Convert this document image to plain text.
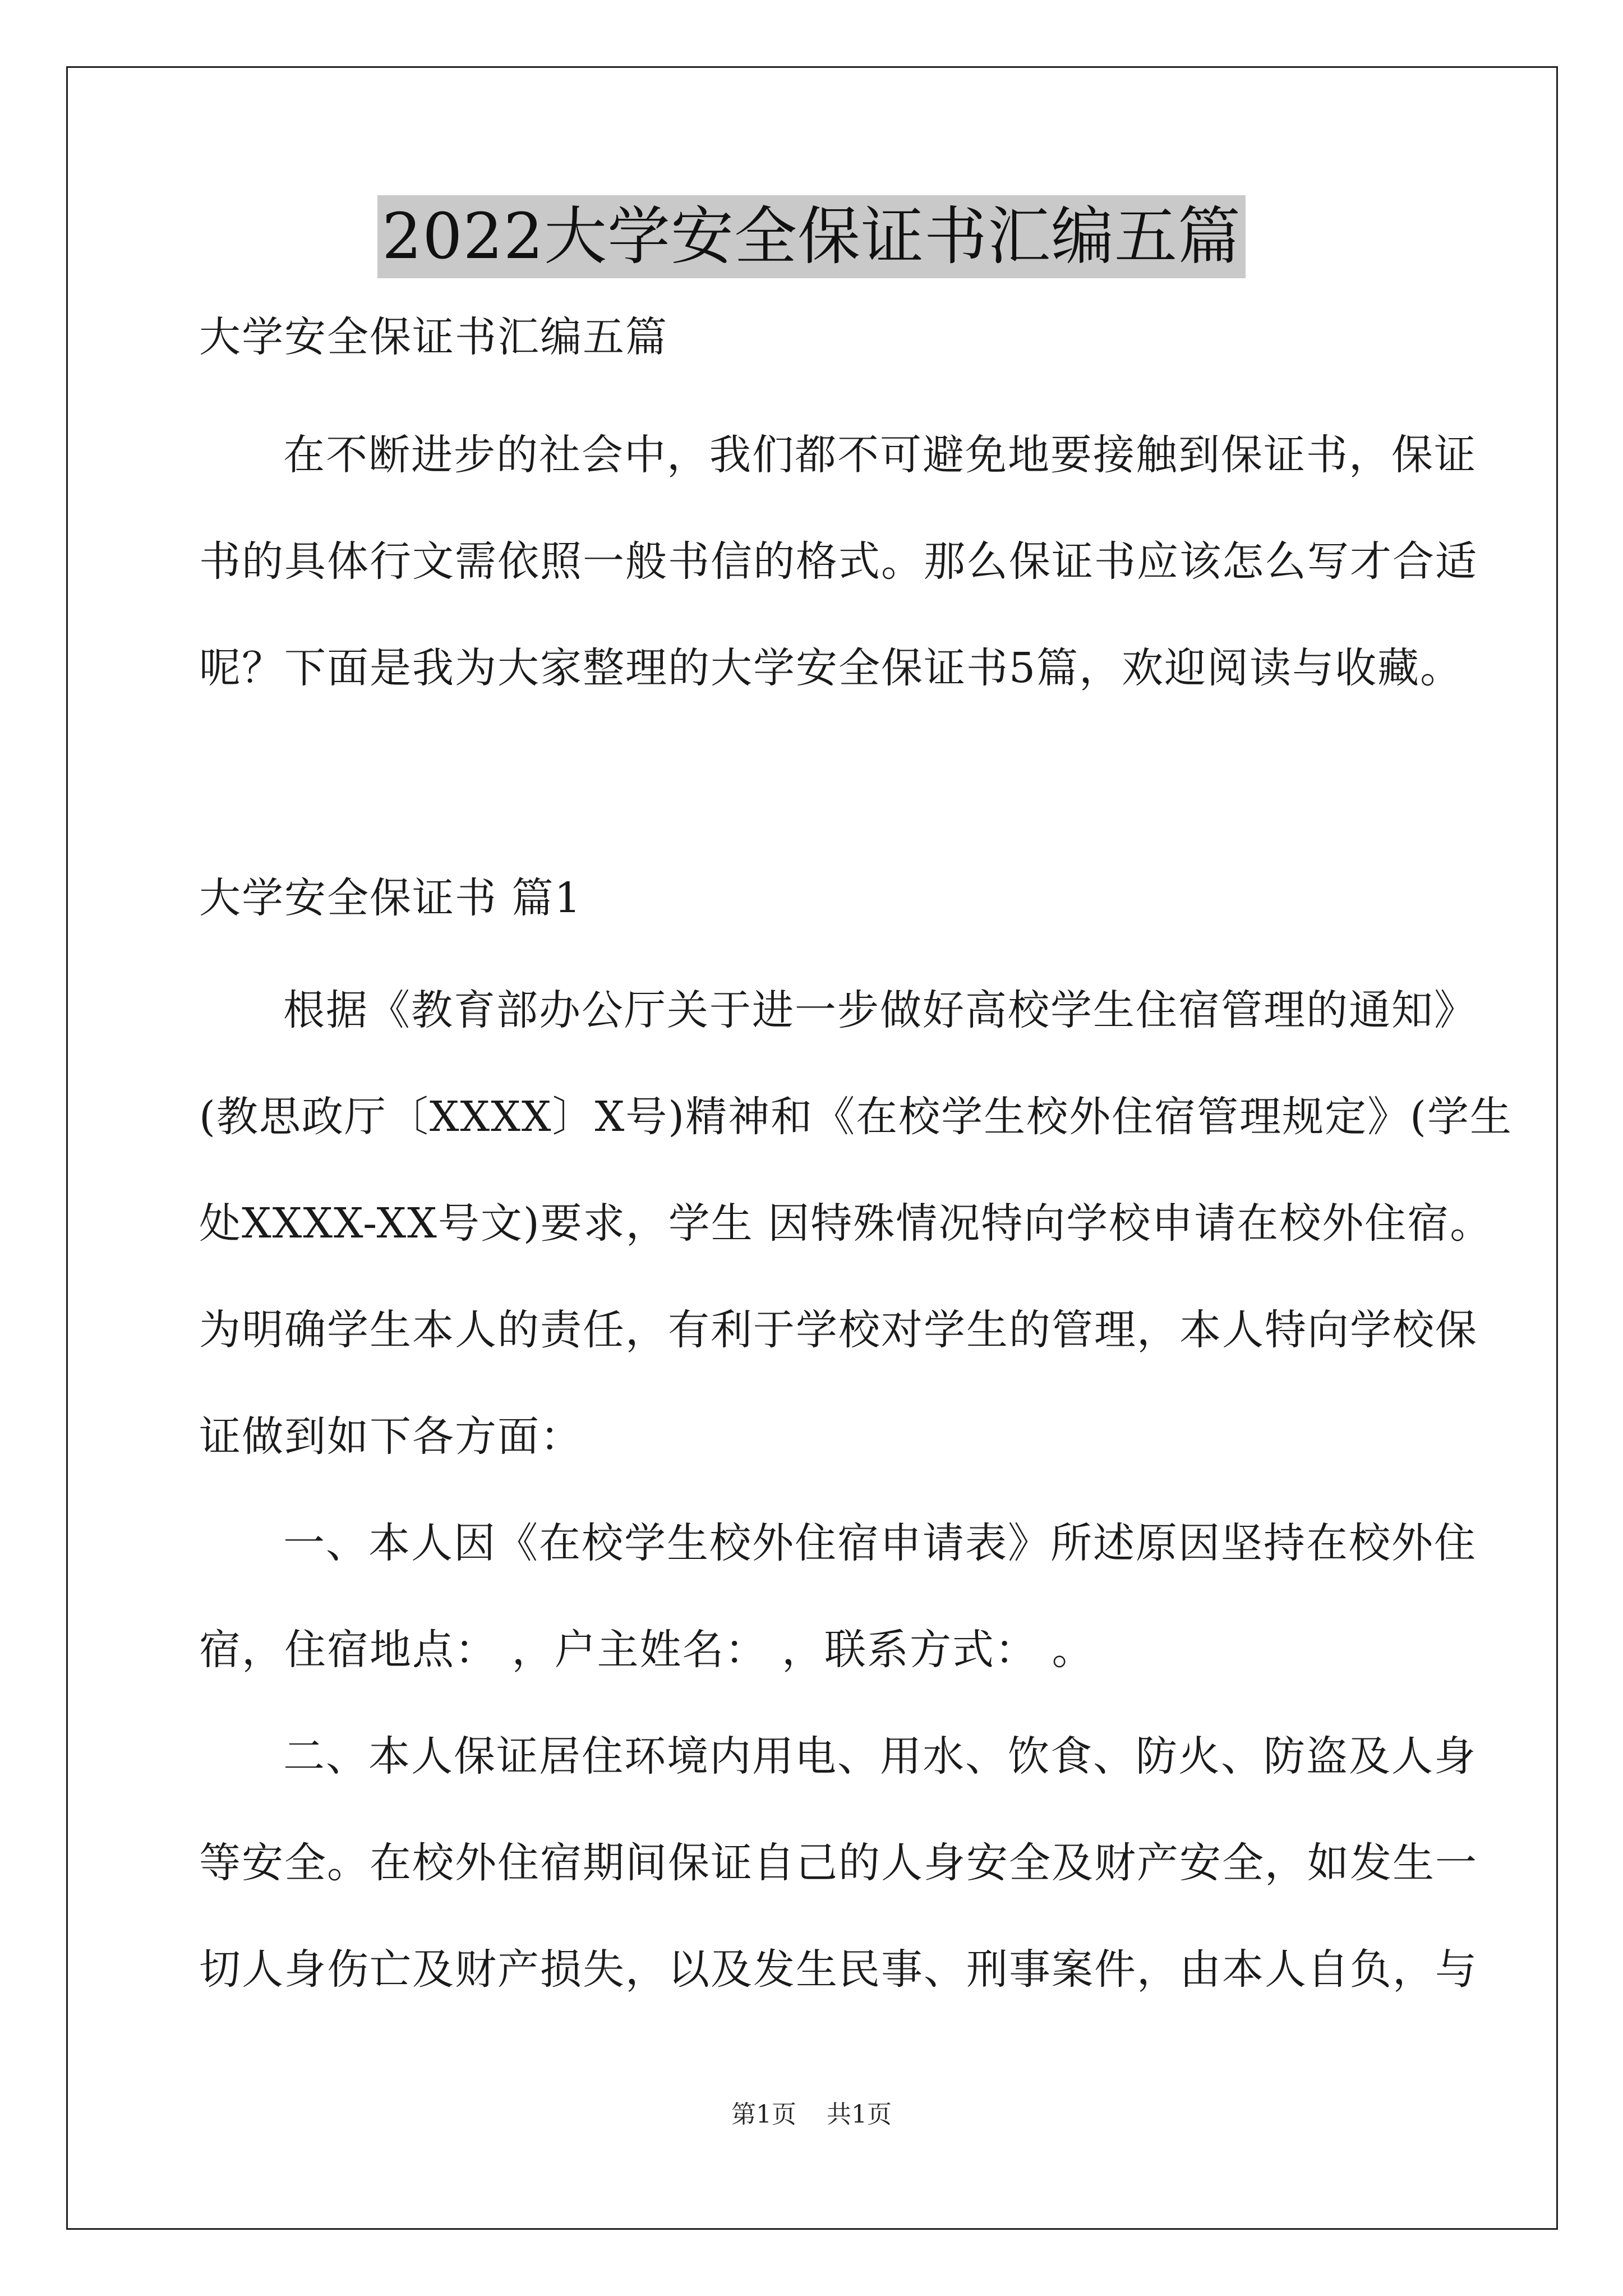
2022大学安全保证书汇编五篇
大学安全保证书汇编五篇
在不断进步的社会中，我们都不可避免地要接触到保证书，保证
书的具体行文需依照一般书信的格式。那么保证书应该怎么写才合适
呢？下面是我为大家整理的大学安全保证书5篇，欢迎阅读与收藏。
大学安全保证书 篇1
根据《教育部办公厅关于进一步做好高校学生住宿管理的通知》
(教思政厅〔XXXX〕X号)精神和《在校学生校外住宿管理规定》(学生
处XXXX-XX号文)要求，学生 因特殊情况特向学校申请在校外住宿。
为明确学生本人的责任，有利于学校对学生的管理，本人特向学校保
证做到如下各方面：
一、本人因《在校学生校外住宿申请表》所述原因坚持在校外住
宿，住宿地点： ，户主姓名： ，联系方式： 。
二、本人保证居住环境内用电、用水、饮食、防火、防盗及人身
等安全。在校外住宿期间保证自己的人身安全及财产安全，如发生一
切人身伤亡及财产损失，以及发生民事、刑事案件，由本人自负，与
第1页 共1页
